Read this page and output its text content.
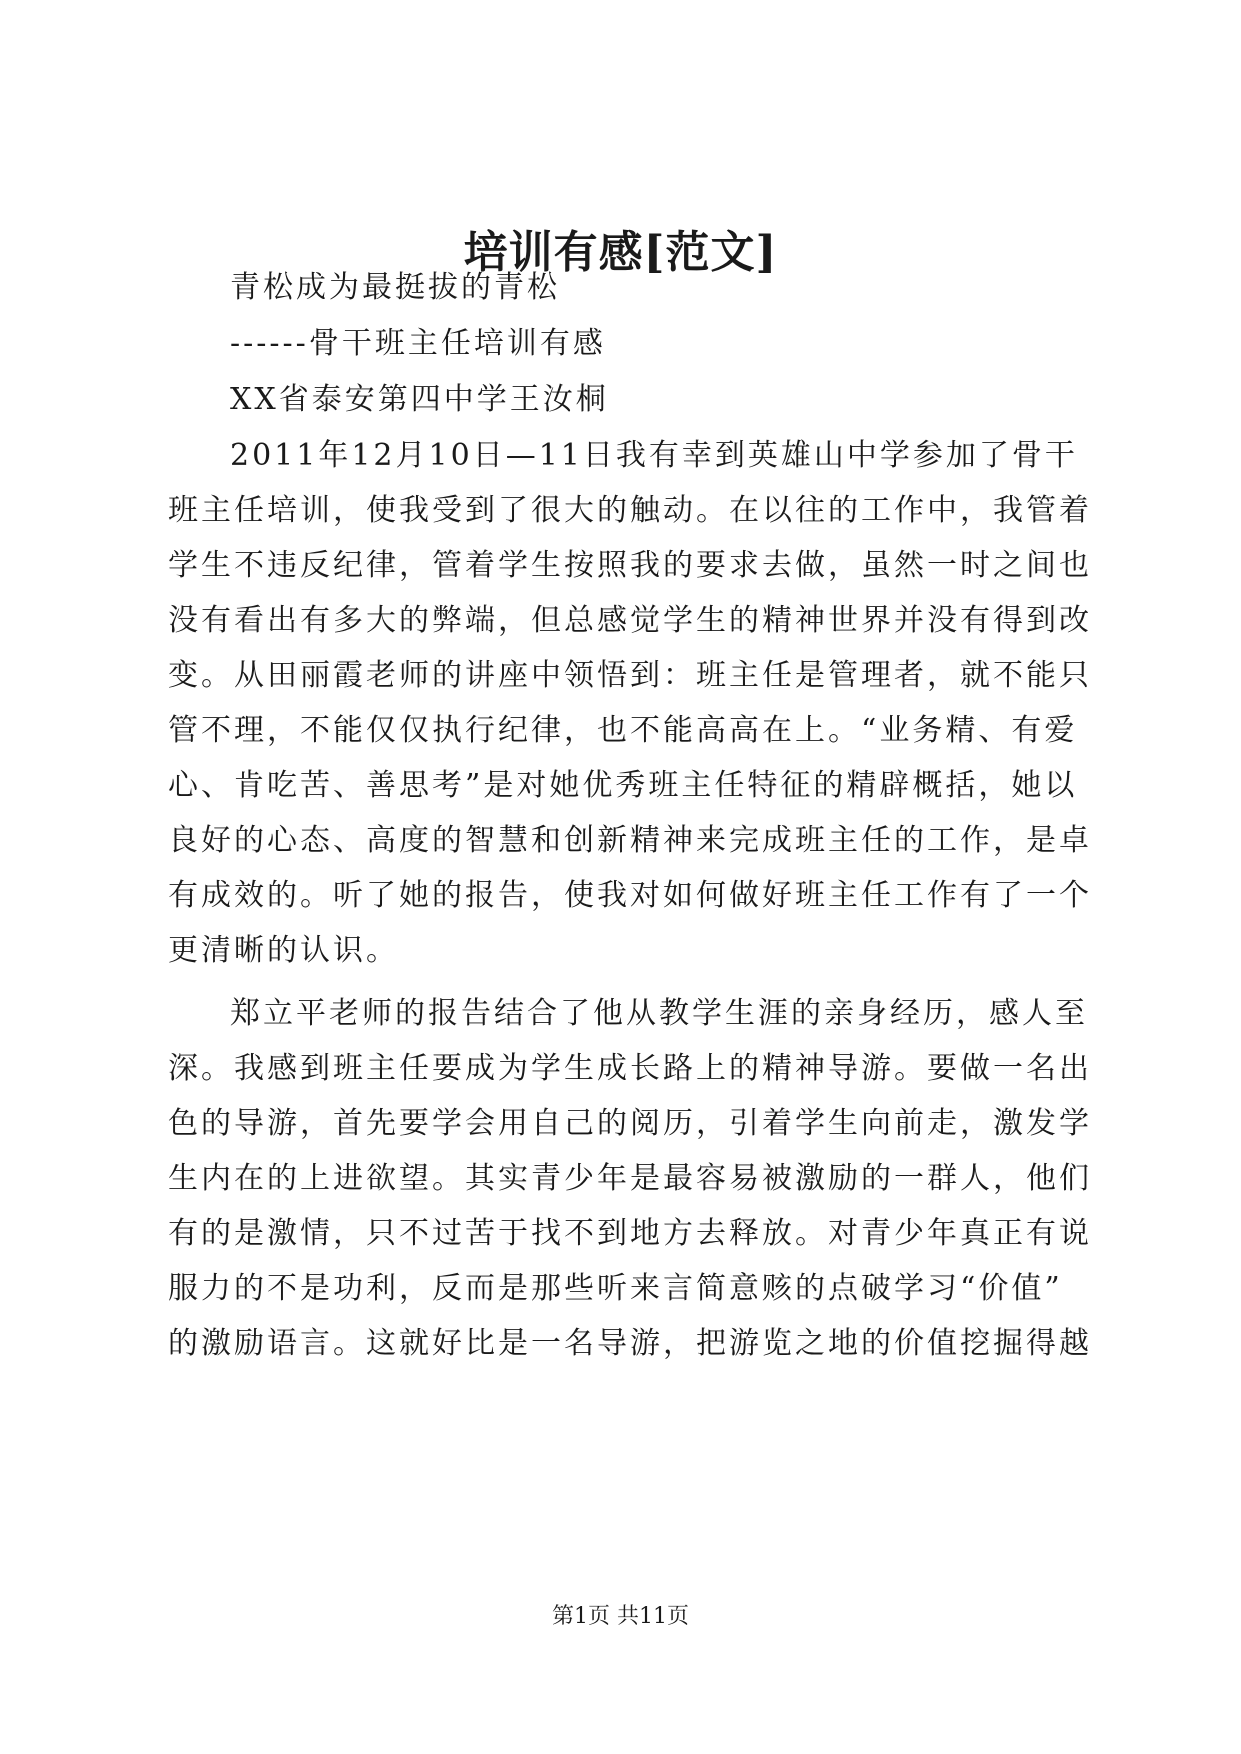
培训有感[范文]
青松成为最挺拔的青松
------骨干班主任培训有感
XX省泰安第四中学王汝桐
2011年12月10日—11日我有幸到英雄山中学参加了骨干
班主任培训，使我受到了很大的触动。在以往的工作中，我管着
学生不违反纪律，管着学生按照我的要求去做，虽然一时之间也
没有看出有多大的弊端，但总感觉学生的精神世界并没有得到改
变。从田丽霞老师的讲座中领悟到：班主任是管理者，就不能只
管不理，不能仅仅执行纪律，也不能高高在上。“业务精、有爱
心、肯吃苦、善思考”是对她优秀班主任特征的精辟概括，她以
良好的心态、高度的智慧和创新精神来完成班主任的工作，是卓
有成效的。听了她的报告，使我对如何做好班主任工作有了一个
更清晰的认识。
郑立平老师的报告结合了他从教学生涯的亲身经历，感人至
深。我感到班主任要成为学生成长路上的精神导游。要做一名出
色的导游，首先要学会用自己的阅历，引着学生向前走，激发学
生内在的上进欲望。其实青少年是最容易被激励的一群人，他们
有的是激情，只不过苦于找不到地方去释放。对青少年真正有说
服力的不是功利，反而是那些听来言简意赅的点破学习“价值”
的激励语言。这就好比是一名导游，把游览之地的价值挖掘得越
第1页 共11页
